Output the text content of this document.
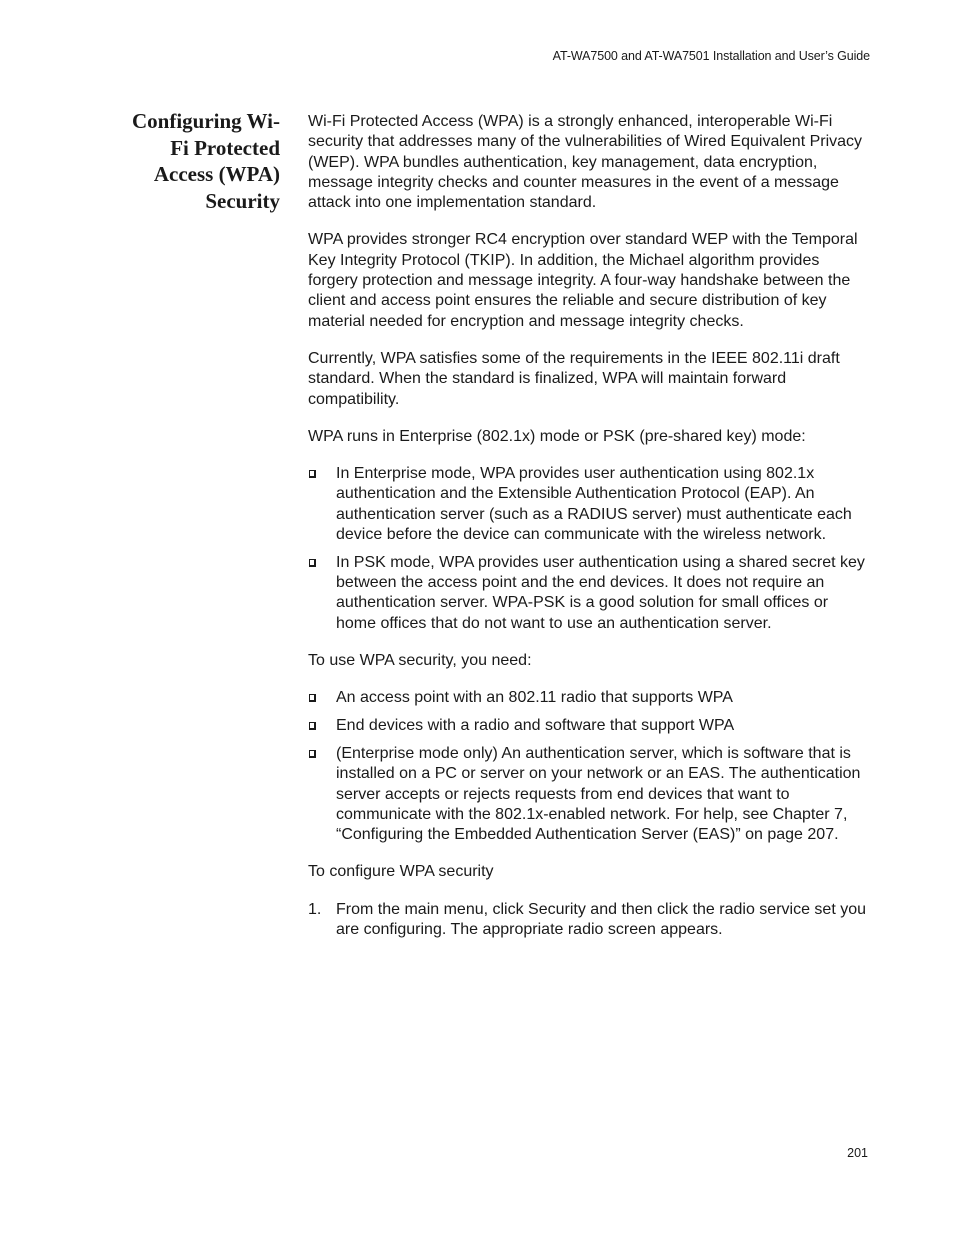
AT-WA7500 and AT-WA7501 Installation and User’s Guide
Configuring Wi-
Fi Protected
Access (WPA)
Security

Wi-Fi Protected Access (WPA) is a strongly enhanced, interoperable Wi-Fi security that addresses many of the vulnerabilities of Wired Equivalent Privacy (WEP). WPA bundles authentication, key management, data encryption, message integrity checks and counter measures in the event of a message attack into one implementation standard.

WPA provides stronger RC4 encryption over standard WEP with the Temporal Key Integrity Protocol (TKIP). In addition, the Michael algorithm provides forgery protection and message integrity. A four-way handshake between the client and access point ensures the reliable and secure distribution of key material needed for encryption and message integrity checks.

Currently, WPA satisfies some of the requirements in the IEEE 802.11i draft standard. When the standard is finalized, WPA will maintain forward compatibility.

WPA runs in Enterprise (802.1x) mode or PSK (pre-shared key) mode:

In Enterprise mode, WPA provides user authentication using 802.1x authentication and the Extensible Authentication Protocol (EAP). An authentication server (such as a RADIUS server) must authenticate each device before the device can communicate with the wireless network.
In PSK mode, WPA provides user authentication using a shared secret key between the access point and the end devices. It does not require an authentication server. WPA-PSK is a good solution for small offices or home offices that do not want to use an authentication server.

To use WPA security, you need:

An access point with an 802.11 radio that supports WPA
End devices with a radio and software that support WPA
(Enterprise mode only) An authentication server, which is software that is installed on a PC or server on your network or an EAS. The authentication server accepts or rejects requests from end devices that want to communicate with the 802.1x-enabled network. For help, see Chapter 7, “Configuring the Embedded Authentication Server (EAS)” on page 207.

To configure WPA security

1. From the main menu, click Security and then click the radio service set you are configuring. The appropriate radio screen appears.
201
